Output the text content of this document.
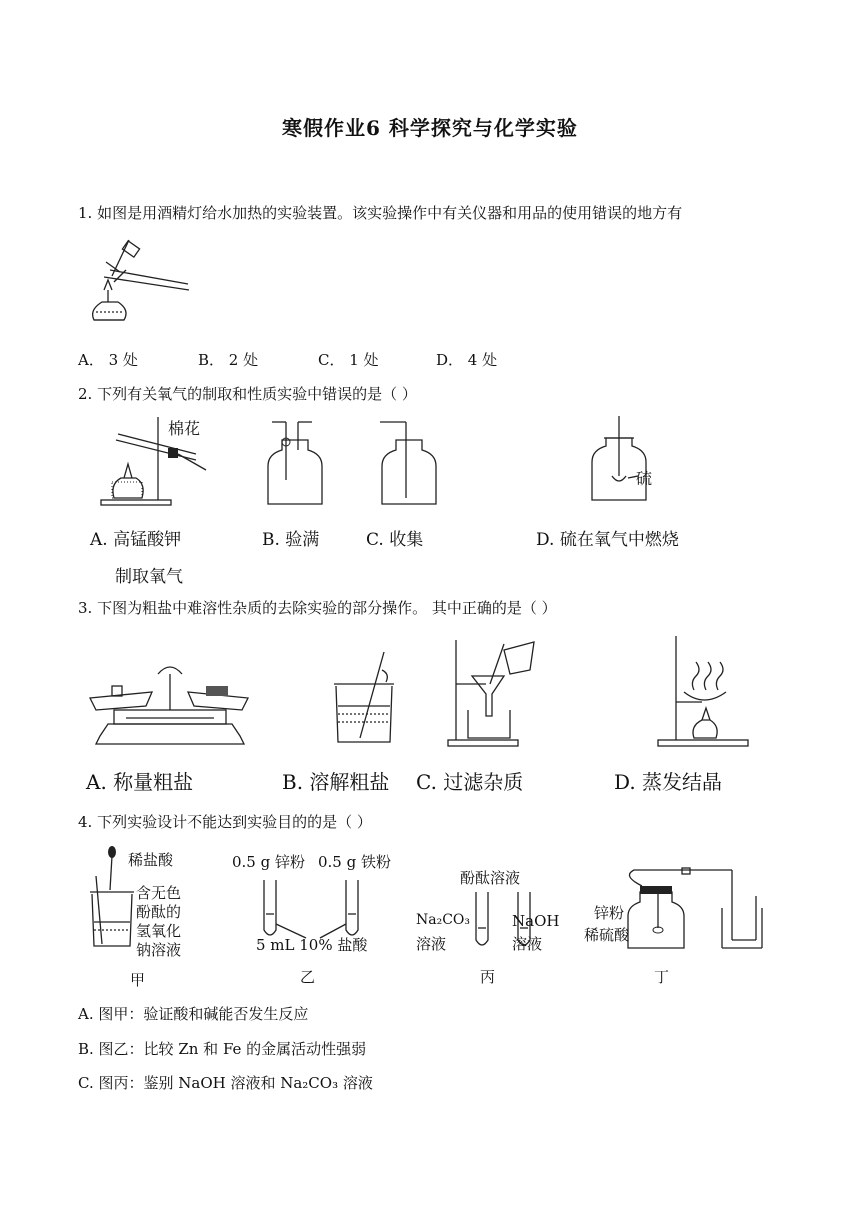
寒假作业6 科学探究与化学实验
1. 如图是用酒精灯给水加热的实验装置。该实验操作中有关仪器和用品的使用错误的地方有
A． 3 处	B． 2 处	C． 1 处	D． 4 处
2. 下列有关氧气的制取和性质实验中错误的是（ ）
棉花
硫
A. 高锰酸钾
制取氧气
B. 验满	C. 收集	D. 硫在氧气中燃烧
3. 下图为粗盐中难溶性杂质的去除实验的部分操作。 其中正确的是（ ）
A. 称量粗盐	B. 溶解粗盐 C. 过滤杂质	D. 蒸发结晶
4. 下列实验设计不能达到实验目的的是（ ）
稀盐酸
含无色
酚酞的
氢氧化
钠溶液
甲
0.5 g 锌粉 0.5 g 铁粉
5 mL 10% 盐酸
乙
酚酞溶液
Na₂CO₃
溶液
NaOH
溶液
丙
锌粉
稀硫酸
丁
A. 图甲：验证酸和碱能否发生反应
B. 图乙：比较 Zn 和 Fe 的金属活动性强弱
C. 图丙：鉴别 NaOH 溶液和 Na₂CO₃ 溶液
